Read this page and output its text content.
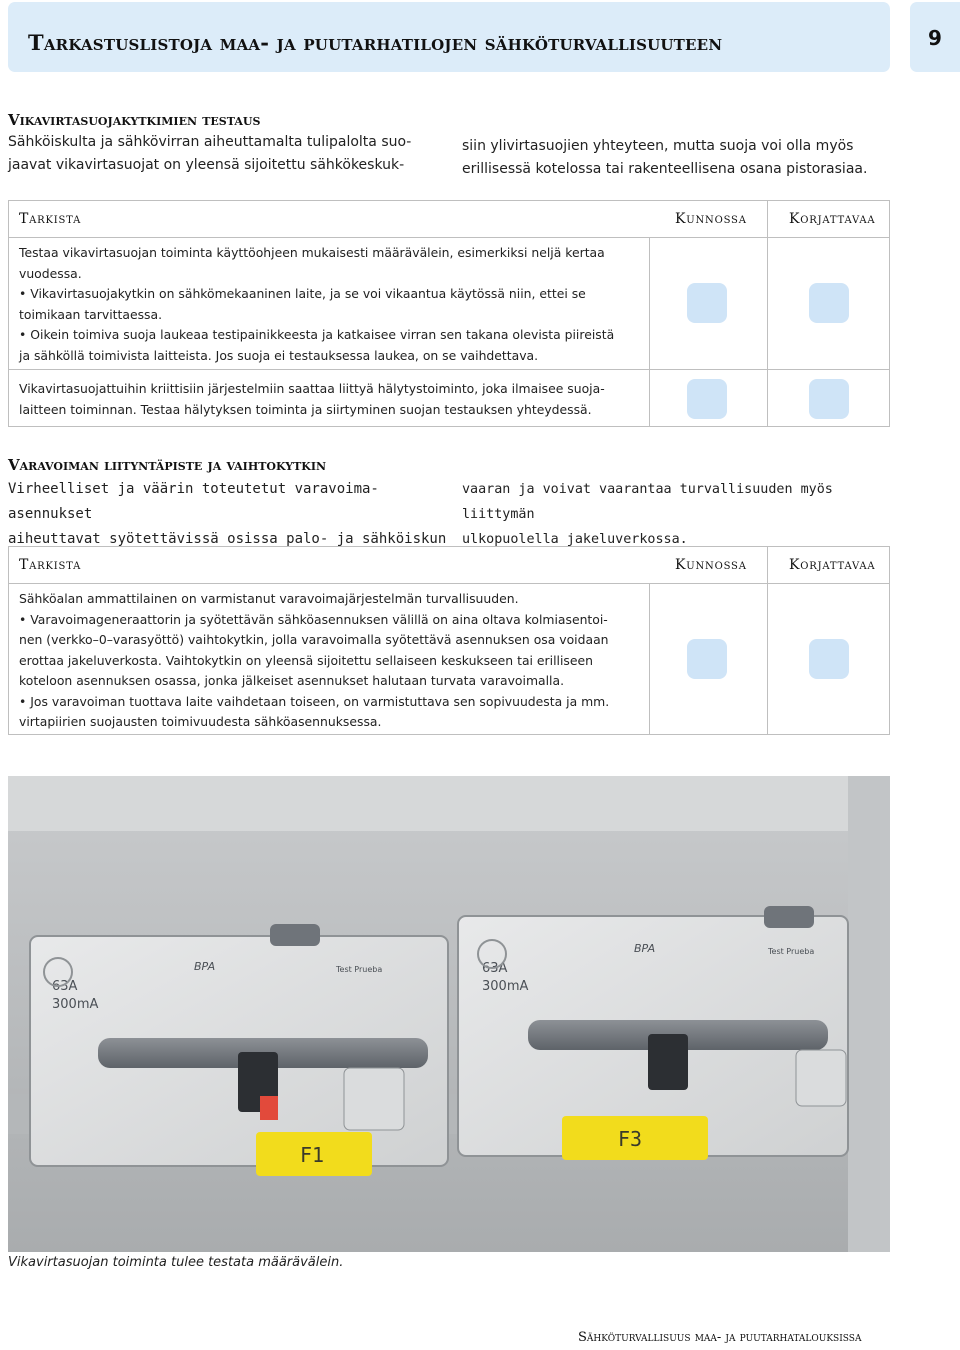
Tarkastuslistoja maa- ja puutarhatilojen sähköturvallisuuteen	9
Vikavirtasuojakytkimien testaus
Sähköiskulta ja sähkövirran aiheuttamalta tulipalolta suo-
jaavat vikavirtasuojat on yleensä sijoitettu sähkökeskuk-
siin ylivirtasuojien yhteyteen, mutta suoja voi olla myös
erillisessä kotelossa tai rakenteellisena osana pistorasiaa.
Tarkista	Kunnossa	Korjattavaa
Testaa vikavirtasuojan toiminta käyttöohjeen mukaisesti määrävälein, esimerkiksi neljä kertaa
vuodessa.
• Vikavirtasuojakytkin on sähkömekaaninen laite, ja se voi vikaantua käytössä niin, ettei se
toimikaan tarvittaessa.
• Oikein toimiva suoja laukeaa testipainikkeesta ja katkaisee virran sen takana olevista piireistä
ja sähköllä toimivista laitteista. Jos suoja ei testauksessa laukea, on se vaihdettava.
Vikavirtasuojattuihin kriittisiin järjestelmiin saattaa liittyä hälytystoiminto, joka ilmaisee suoja-
laitteen toiminnan. Testaa hälytyksen toiminta ja siirtyminen suojan testauksen yhteydessä.
Varavoiman liityntäpiste ja vaihtokytkin
Virheelliset ja väärin toteutetut varavoima-asennukset
aiheuttavat syötettävissä osissa palo- ja sähköiskun
vaaran ja voivat vaarantaa turvallisuuden myös liittymän
ulkopuolella jakeluverkossa.
Tarkista	Kunnossa	Korjattavaa
Sähköalan ammattilainen on varmistanut varavoimajärjestelmän turvallisuuden.
• Varavoimageneraattorin ja syötettävän sähköasennuksen välillä on aina oltava kolmiasentoi-
nen (verkko–0–varasyöttö) vaihtokytkin, jolla varavoimalla syötettävä asennuksen osa voidaan
erottaa jakeluverkosta. Vaihtokytkin on yleensä sijoitettu sellaiseen keskukseen tai erilliseen
koteloon asennuksen osassa, jonka jälkeiset asennukset halutaan turvata varavoimalla.
• Jos varavoiman tuottava laite vaihdetaan toiseen, on varmistuttava sen sopivuudesta ja mm.
virtapiirien suojausten toimivuudesta sähköasennuksessa.
63A
300mA
BPA	Test Prueba	63A
300mA
BPA	Test Prueba
F1
F3
Vikavirtasuojan toiminta tulee testata määrävälein.
Sähköturvallisuus maa- ja puutarhatalouksissa
